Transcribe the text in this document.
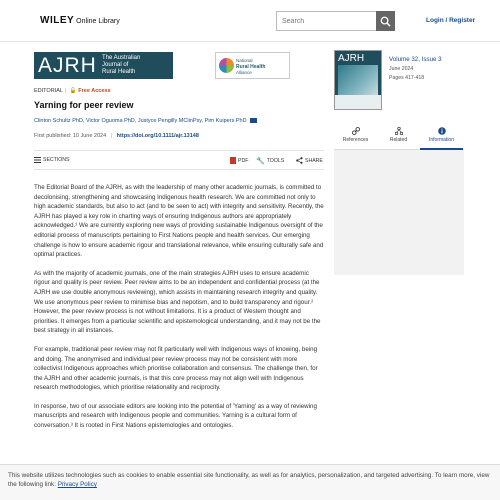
WILEY Online Library
Search	Login / Register
AJRH The Australian
Journal of
Rural Health
National
Rural Health
Alliance
EDITORIAL | 🔓 Free Access
Yarning for peer review
Clinton Schultz PhD, Victor Oguoma PhD, Justyce Pengilly MClinPsy, Pim Kuipers PhD
First published: 10 June 2024 | https://doi.org/10.1111/ajr.13148
SECTIONS	PDF 🔧 TOOLS	SHARE

The Editorial Board of the AJRH, as with the leadership of many other academic journals, is committed to decolonising, strengthening and showcasing Indigenous health research. We are committed not only to high academic standards, but also to act (and to be seen to act) with integrity and sensitivity. Recently, the AJRH has played a key role in charting ways of ensuring Indigenous authors are appropriately acknowledged.¹ We are currently exploring new ways of providing sustainable Indigenous oversight of the editorial process of manuscripts pertaining to First Nations people and health services. Our emerging challenge is how to ensure academic rigour and translational relevance, while ensuring culturally safe and optimal practices.

As with the majority of academic journals, one of the main strategies AJRH uses to ensure academic rigour and quality is peer review. Peer review aims to be an independent and confidential process (at the AJRH we use double anonymous reviewing), which assists in maintaining research integrity and quality. We use anonymous peer review to minimise bias and nepotism, and to build transparency and rigour.² However, the peer review process is not without limitations. It is a product of Western thought and priorities. It emerges from a particular scientific and epistemological understanding, and it may not be the best strategy in all instances.

For example, traditional peer review may not fit particularly well with Indigenous ways of knowing, being and doing. The anonymised and individual peer review process may not be consistent with more collectivist Indigenous approaches which prioritise collaboration and consensus. The challenge then, for the AJRH and other academic journals, is that this core process may not align well with Indigenous research methodologies, which prioritise relationality and reciprocity.

In response, two of our associate editors are looking into the potential of 'Yarning' as a way of reviewing manuscripts and research with Indigenous people and communities. Yarning is a cultural form of conversation.³ It is rooted in First Nations epistemologies and ontologies.

AJRH	Volume 32, Issue 3
June 2024
Pages 417-418
References	Related	Information
This website utilizes technologies such as cookies to enable essential site functionality, as well as for analytics, personalization, and targeted advertising. To learn more, view the following link: Privacy Policy
